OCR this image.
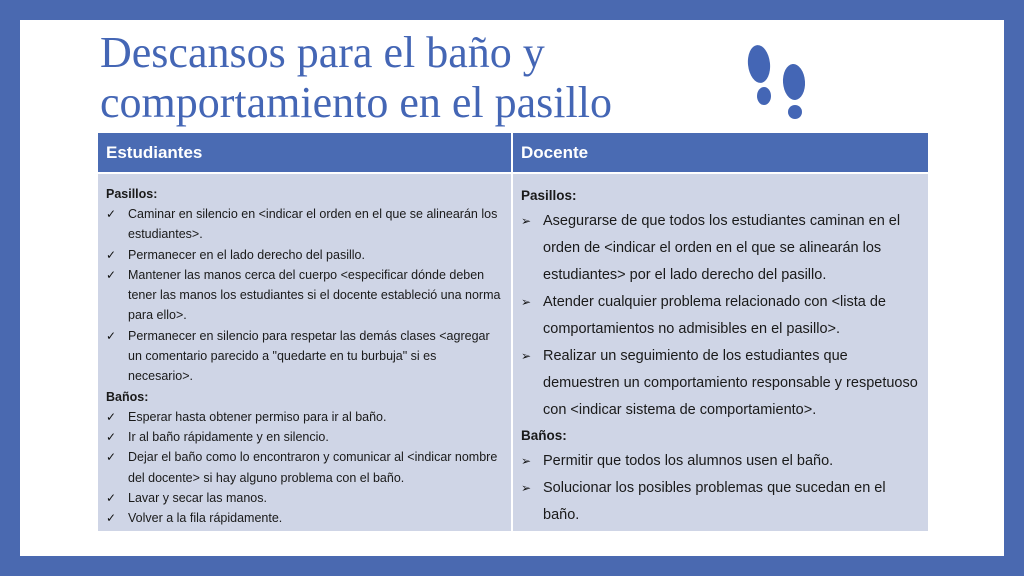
Descansos para el baño y
comportamiento en el pasillo
Estudiantes	Docente

Pasillos:

✓ Caminar en silencio en <indicar el orden en el que se alinearán los estudiantes>.
✓ Permanecer en el lado derecho del pasillo.
✓ Mantener las manos cerca del cuerpo <especificar dónde deben tener las manos los estudiantes si el docente estableció una norma para ello>.
✓ Permanecer en silencio para respetar las demás clases <agregar un comentario parecido a "quedarte en tu burbuja" si es necesario>.

Baños:

✓ Esperar hasta obtener permiso para ir al baño.
✓ Ir al baño rápidamente y en silencio.
✓ Dejar el baño como lo encontraron y comunicar al <indicar nombre del docente> si hay alguno problema con el baño.
✓ Lavar y secar las manos.
✓ Volver a la fila rápidamente.

Pasillos:

➢ Asegurarse de que todos los estudiantes caminan en el orden de <indicar el orden en el que se alinearán los estudiantes> por el lado derecho del pasillo.
➢ Atender cualquier problema relacionado con <lista de comportamientos no admisibles en el pasillo>.
➢ Realizar un seguimiento de los estudiantes que demuestren un comportamiento responsable y respetuoso con <indicar sistema de comportamiento>.

Baños:

➢ Permitir que todos los alumnos usen el baño.
➢ Solucionar los posibles problemas que sucedan en el baño.
